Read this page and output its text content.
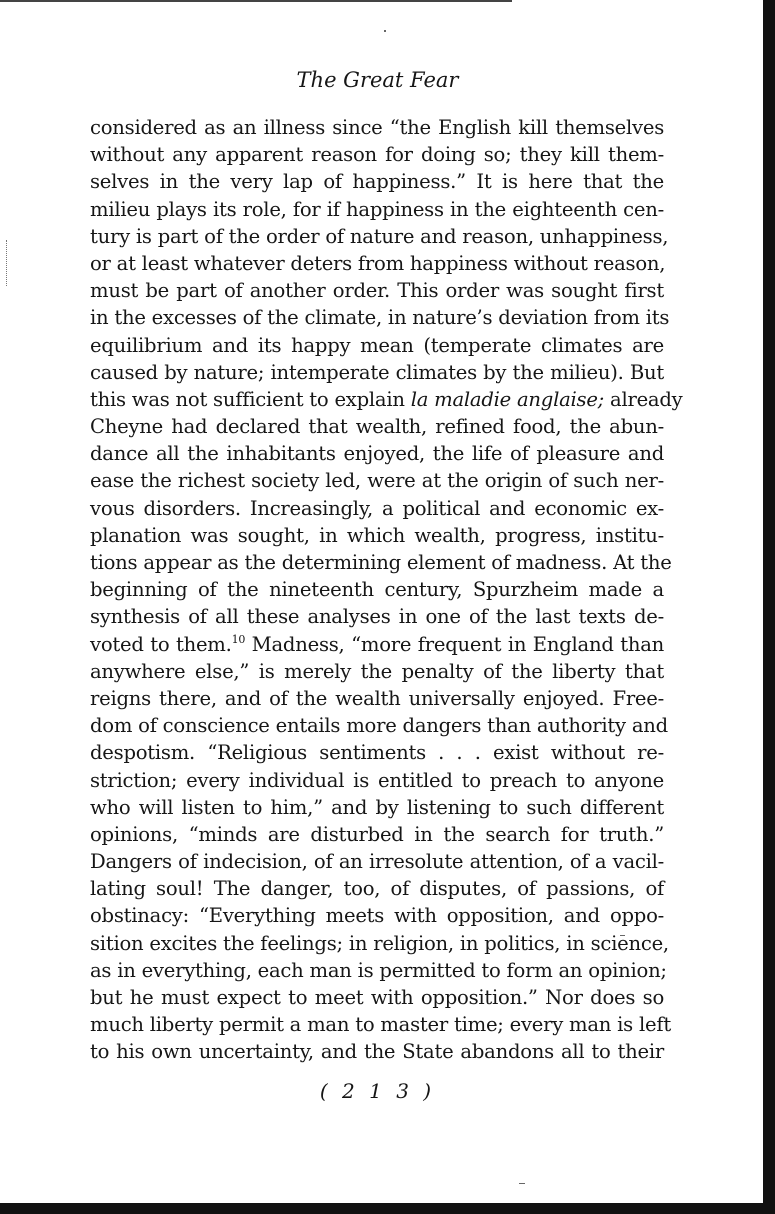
The Great Fear
considered as an illness since “the English kill themselves
without any apparent reason for doing so; they kill them-
selves in the very lap of happiness.” It is here that the
milieu plays its role, for if happiness in the eighteenth cen-
tury is part of the order of nature and reason, unhappiness,
or at least whatever deters from happiness without reason,
must be part of another order. This order was sought first
in the excesses of the climate, in nature’s deviation from its
equilibrium and its happy mean (temperate climates are
caused by nature; intemperate climates by the milieu). But
this was not sufficient to explain la maladie anglaise; already
Cheyne had declared that wealth, refined food, the abun-
dance all the inhabitants enjoyed, the life of pleasure and
ease the richest society led, were at the origin of such ner-
vous disorders. Increasingly, a political and economic ex-
planation was sought, in which wealth, progress, institu-
tions appear as the determining element of madness. At the
beginning of the nineteenth century, Spurzheim made a
synthesis of all these analyses in one of the last texts de-
voted to them.$^{10}$ Madness, “more frequent in England than
anywhere else,” is merely the penalty of the liberty that
reigns there, and of the wealth universally enjoyed. Free-
dom of conscience entails more dangers than authority and
despotism. “Religious sentiments . . . exist without re-
striction; every individual is entitled to preach to anyone
who will listen to him,” and by listening to such different
opinions, “minds are disturbed in the search for truth.”
Dangers of indecision, of an irresolute attention, of a vacil-
lating soul! The danger, too, of disputes, of passions, of
obstinacy: “Everything meets with opposition, and oppo-
sition excites the feelings; in religion, in politics, in science,
as in everything, each man is permitted to form an opinion;
but he must expect to meet with opposition.” Nor does so
much liberty permit a man to master time; every man is left
to his own uncertainty, and the State abandons all to their
( 2 1 3 )
